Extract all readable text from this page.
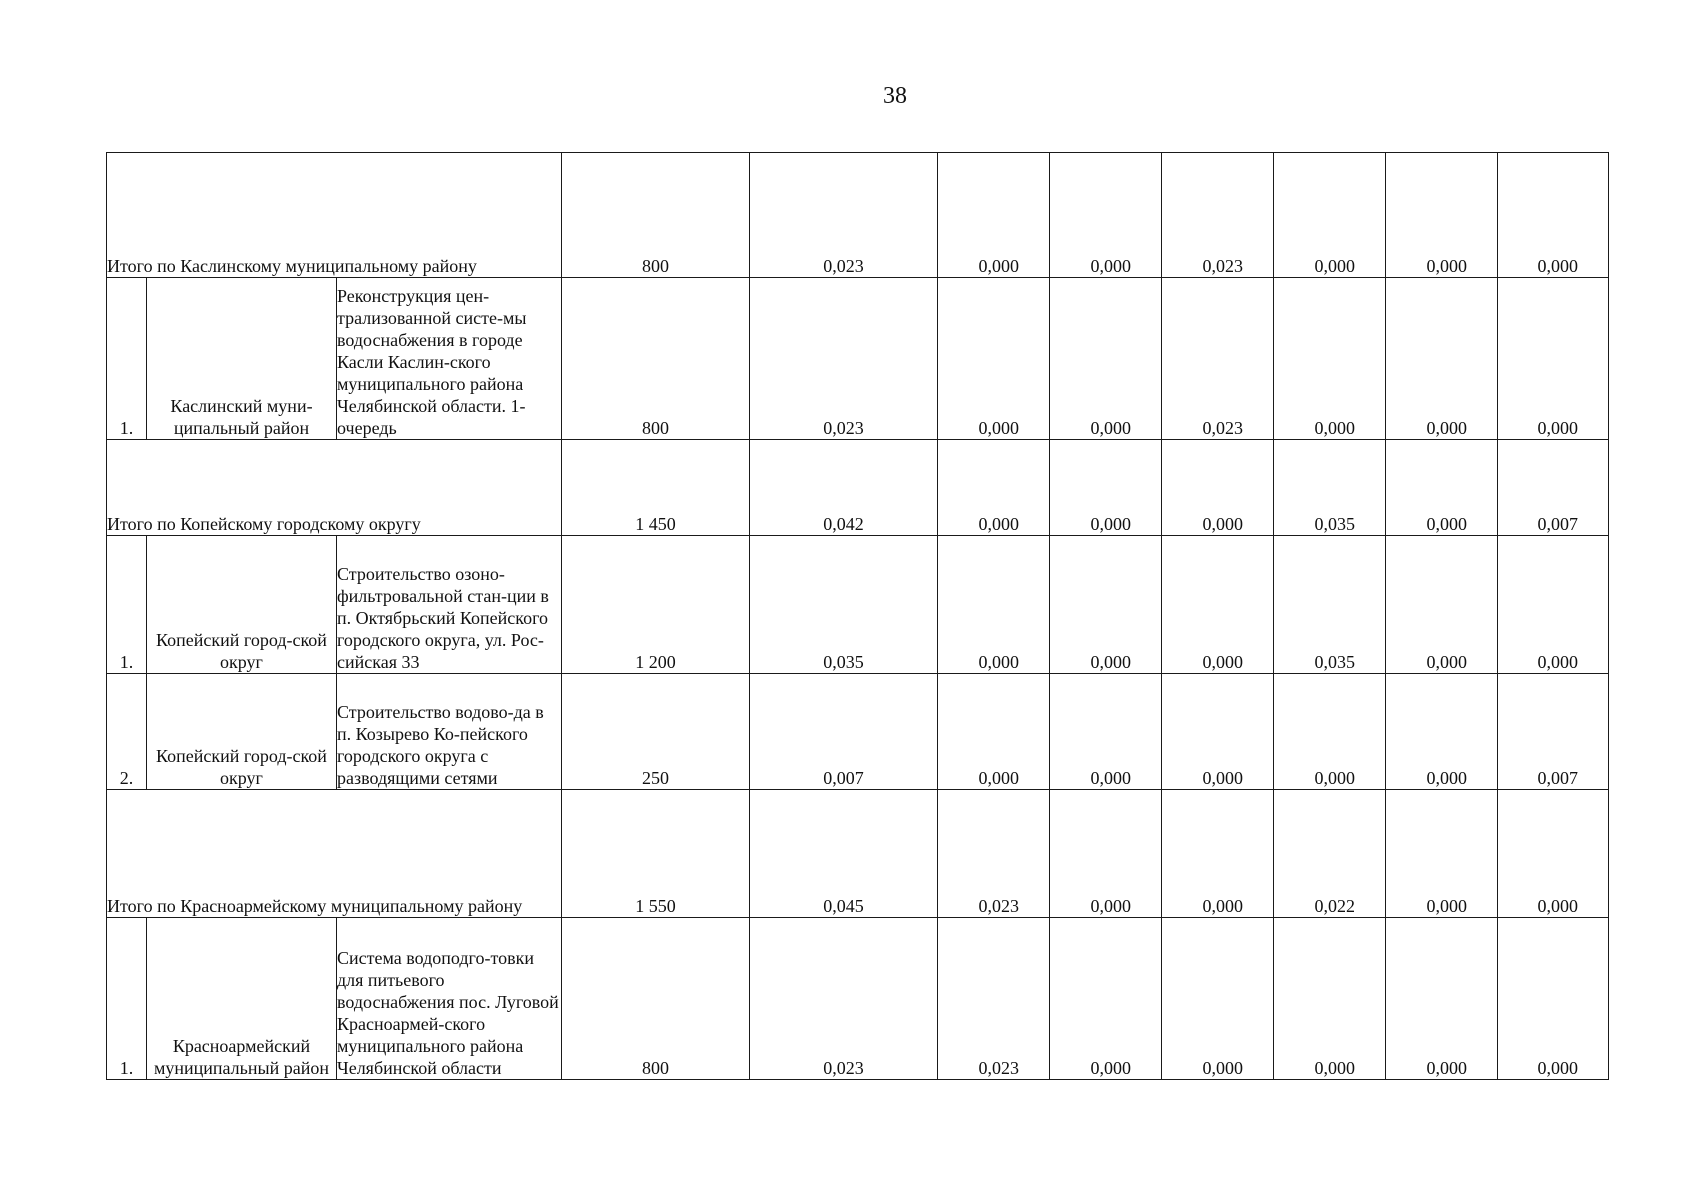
38
Итого по Каслинскому муниципальному району			800	0,023	0,000	0,000	0,023	0,000	0,000	0,000
1.	Каслинский муни-ципальный район	Реконструкция цен-трализованной систе-мы водоснабжения в городе Касли Каслин-ского муниципального района Челябинской области. 1-очередь	800	0,023	0,000	0,000	0,023	0,000	0,000	0,000
Итого по Копейскому городскому округу			1 450	0,042	0,000	0,000	0,000	0,035	0,000	0,007
1.	Копейский город-ской округ	Строительство озоно-фильтровальной стан-ции в п. Октябрьский Копейского городского округа, ул. Рос-сийская 33	1 200	0,035	0,000	0,000	0,000	0,035	0,000	0,000
2.	Копейский город-ской округ	Строительство водово-да в п. Козырево Ко-пейского городского округа с разводящими сетями	250	0,007	0,000	0,000	0,000	0,000	0,000	0,007
Итого по Красноармейскому муниципальному району			1 550	0,045	0,023	0,000	0,000	0,022	0,000	0,000
1.	Красноармейский муниципальный район	Система водоподго-товки для питьевого водоснабжения пос. Луговой Красноармей-ского муниципального района Челябинской области	800	0,023	0,023	0,000	0,000	0,000	0,000	0,000
